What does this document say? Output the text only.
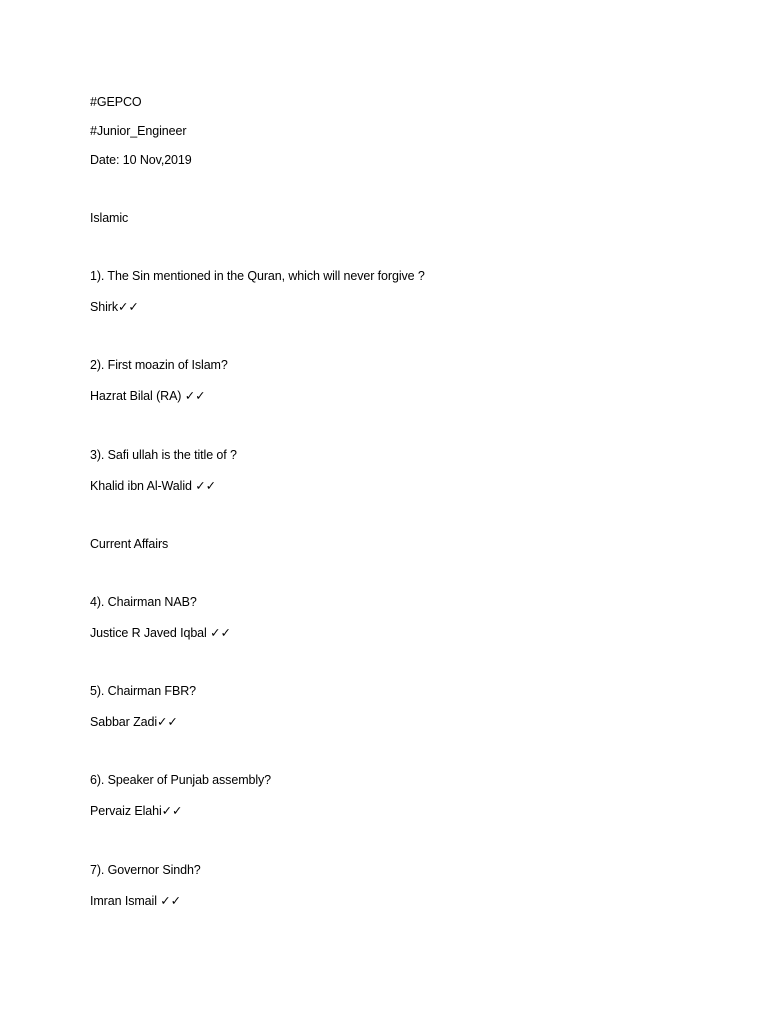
#GEPCO
#Junior_Engineer
Date: 10 Nov,2019
Islamic
1). The Sin mentioned in the Quran, which will never forgive ?
Shirk✓✓
2). First moazin of Islam?
Hazrat Bilal (RA) ✓✓
3). Safi ullah is the title of ?
Khalid ibn Al-Walid ✓✓
Current Affairs
4). Chairman NAB?
Justice R Javed Iqbal ✓✓
5). Chairman FBR?
Sabbar Zadi✓✓
6). Speaker of Punjab assembly?
Pervaiz Elahi✓✓
7). Governor Sindh?
Imran Ismail ✓✓
